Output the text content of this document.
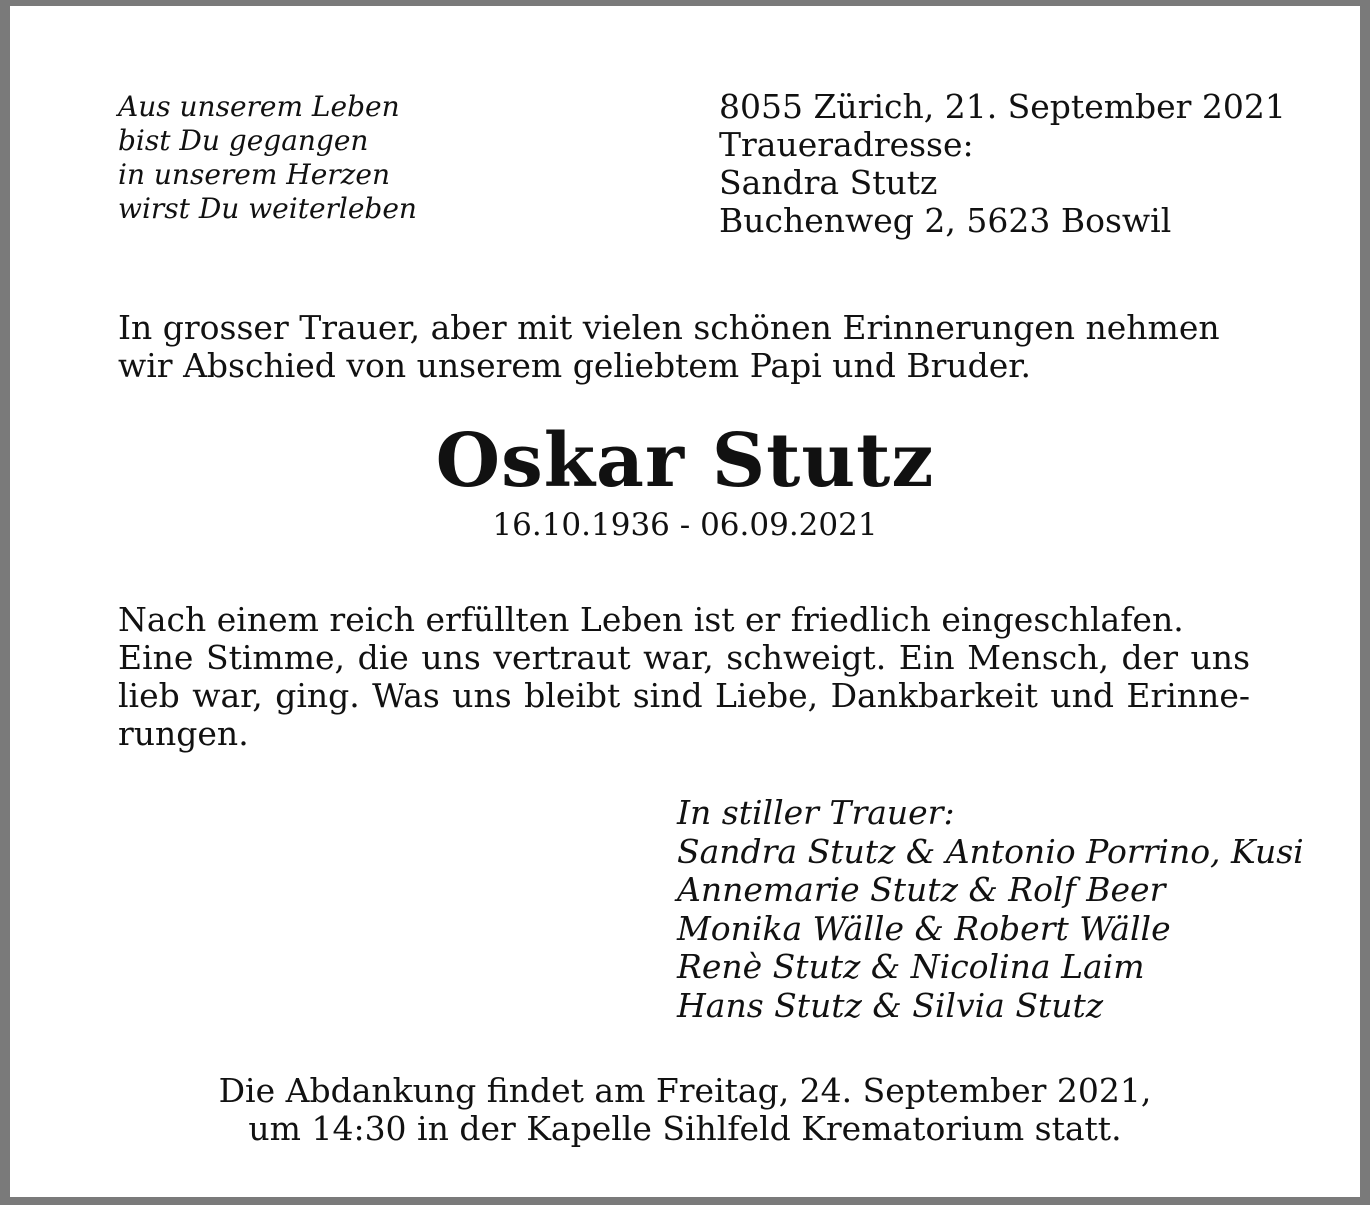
Aus unserem Leben
bist Du gegangen
in unserem Herzen
wirst Du weiterleben
8055 Zürich, 21. September 2021
Traueradresse:
Sandra Stutz
Buchenweg 2, 5623 Boswil
In grosser Trauer, aber mit vielen schönen Erinnerungen nehmen
wir Abschied von unserem geliebtem Papi und Bruder.
Oskar Stutz
16.10.1936 - 06.09.2021
Nach einem reich erfüllten Leben ist er friedlich eingeschlafen.
Eine Stimme, die uns vertraut war, schweigt. Ein Mensch, der uns lieb war, ging. Was uns bleibt sind Liebe, Dankbarkeit und Erinne-rungen.
In stiller Trauer:
Sandra Stutz & Antonio Porrino, Kusi
Annemarie Stutz & Rolf Beer
Monika Wälle & Robert Wälle
Renè Stutz & Nicolina Laim
Hans Stutz & Silvia Stutz
Die Abdankung findet am Freitag, 24. September 2021,
um 14:30 in der Kapelle Sihlfeld Krematorium statt.
